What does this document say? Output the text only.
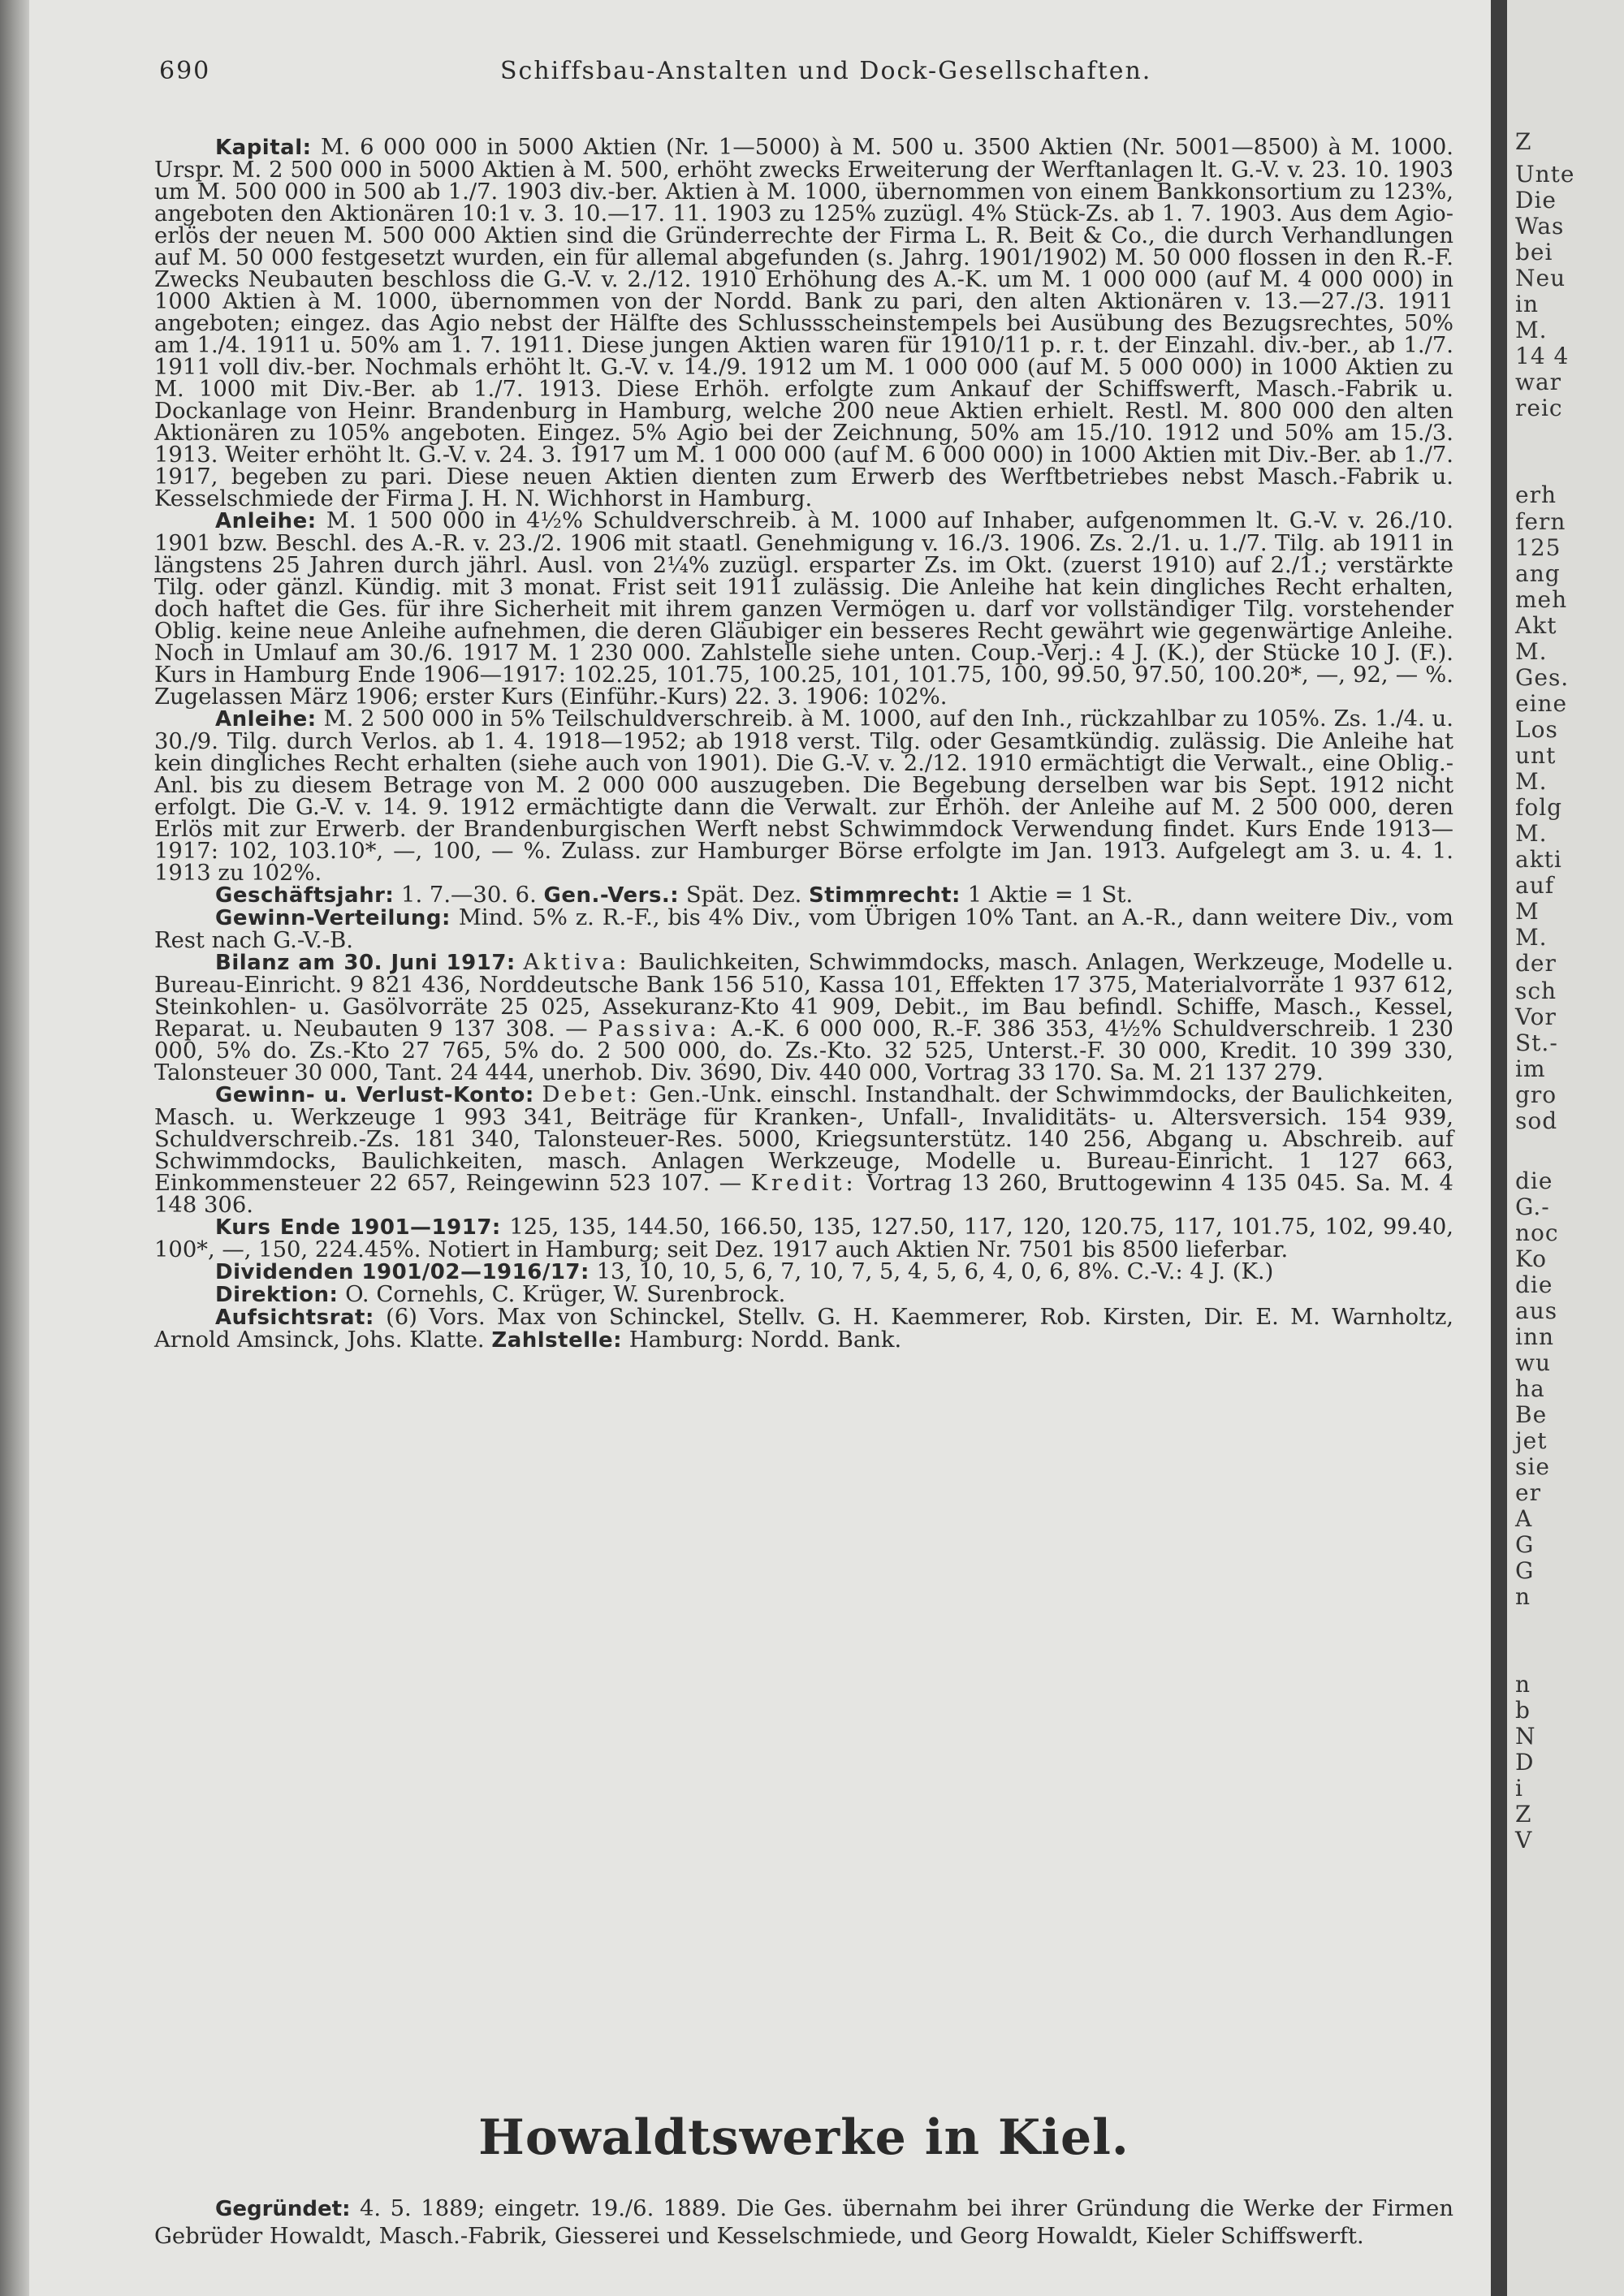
690	Schiffsbau-Anstalten und Dock-Gesellschaften.

Kapital: M. 6 000 000 in 5000 Aktien (Nr. 1—5000) à M. 500 u. 3500 Aktien (Nr. 5001—8500) à M. 1000. Urspr. M. 2 500 000 in 5000 Aktien à M. 500, erhöht zwecks Erweiterung der Werftanlagen lt. G.-V. v. 23. 10. 1903 um M. 500 000 in 500 ab 1./7. 1903 div.-ber. Aktien à M. 1000, übernommen von einem Bankkonsortium zu 123%, angeboten den Aktionären 10:1 v. 3. 10.—17. 11. 1903 zu 125% zuzügl. 4% Stück-Zs. ab 1. 7. 1903. Aus dem Agio-erlös der neuen M. 500 000 Aktien sind die Gründerrechte der Firma L. R. Beit & Co., die durch Verhandlungen auf M. 50 000 festgesetzt wurden, ein für allemal abgefunden (s. Jahrg. 1901/1902) M. 50 000 flossen in den R.-F. Zwecks Neubauten beschloss die G.-V. v. 2./12. 1910 Erhöhung des A.-K. um M. 1 000 000 (auf M. 4 000 000) in 1000 Aktien à M. 1000, übernommen von der Nordd. Bank zu pari, den alten Aktionären v. 13.—27./3. 1911 angeboten; eingez. das Agio nebst der Hälfte des Schlussscheinstempels bei Ausübung des Bezugsrechtes, 50% am 1./4. 1911 u. 50% am 1. 7. 1911. Diese jungen Aktien waren für 1910/11 p. r. t. der Einzahl. div.-ber., ab 1./7. 1911 voll div.-ber. Nochmals erhöht lt. G.-V. v. 14./9. 1912 um M. 1 000 000 (auf M. 5 000 000) in 1000 Aktien zu M. 1000 mit Div.-Ber. ab 1./7. 1913. Diese Erhöh. erfolgte zum Ankauf der Schiffswerft, Masch.-Fabrik u. Dockanlage von Heinr. Brandenburg in Hamburg, welche 200 neue Aktien erhielt. Restl. M. 800 000 den alten Aktionären zu 105% angeboten. Eingez. 5% Agio bei der Zeichnung, 50% am 15./10. 1912 und 50% am 15./3. 1913. Weiter erhöht lt. G.-V. v. 24. 3. 1917 um M. 1 000 000 (auf M. 6 000 000) in 1000 Aktien mit Div.-Ber. ab 1./7. 1917, begeben zu pari. Diese neuen Aktien dienten zum Erwerb des Werftbetriebes nebst Masch.-Fabrik u. Kesselschmiede der Firma J. H. N. Wichhorst in Hamburg.

Anleihe: M. 1 500 000 in 4½% Schuldverschreib. à M. 1000 auf Inhaber, aufgenommen lt. G.-V. v. 26./10. 1901 bzw. Beschl. des A.-R. v. 23./2. 1906 mit staatl. Genehmigung v. 16./3. 1906. Zs. 2./1. u. 1./7. Tilg. ab 1911 in längstens 25 Jahren durch jährl. Ausl. von 2¼% zuzügl. ersparter Zs. im Okt. (zuerst 1910) auf 2./1.; verstärkte Tilg. oder gänzl. Kündig. mit 3 monat. Frist seit 1911 zulässig. Die Anleihe hat kein dingliches Recht erhalten, doch haftet die Ges. für ihre Sicherheit mit ihrem ganzen Vermögen u. darf vor vollständiger Tilg. vorstehender Oblig. keine neue Anleihe aufnehmen, die deren Gläubiger ein besseres Recht gewährt wie gegenwärtige Anleihe. Noch in Umlauf am 30./6. 1917 M. 1 230 000. Zahlstelle siehe unten. Coup.-Verj.: 4 J. (K.), der Stücke 10 J. (F.). Kurs in Hamburg Ende 1906—1917: 102.25, 101.75, 100.25, 101, 101.75, 100, 99.50, 97.50, 100.20*, —, 92, — %. Zugelassen März 1906; erster Kurs (Einführ.-Kurs) 22. 3. 1906: 102%.

Anleihe: M. 2 500 000 in 5% Teilschuldverschreib. à M. 1000, auf den Inh., rückzahlbar zu 105%. Zs. 1./4. u. 30./9. Tilg. durch Verlos. ab 1. 4. 1918—1952; ab 1918 verst. Tilg. oder Gesamtkündig. zulässig. Die Anleihe hat kein dingliches Recht erhalten (siehe auch von 1901). Die G.-V. v. 2./12. 1910 ermächtigt die Verwalt., eine Oblig.-Anl. bis zu diesem Betrage von M. 2 000 000 auszugeben. Die Begebung derselben war bis Sept. 1912 nicht erfolgt. Die G.-V. v. 14. 9. 1912 ermächtigte dann die Verwalt. zur Erhöh. der Anleihe auf M. 2 500 000, deren Erlös mit zur Erwerb. der Brandenburgischen Werft nebst Schwimmdock Verwendung findet. Kurs Ende 1913—1917: 102, 103.10*, —, 100, — %. Zulass. zur Hamburger Börse erfolgte im Jan. 1913. Aufgelegt am 3. u. 4. 1. 1913 zu 102%.

Geschäftsjahr: 1. 7.—30. 6. Gen.-Vers.: Spät. Dez. Stimmrecht: 1 Aktie = 1 St.

Gewinn-Verteilung: Mind. 5% z. R.-F., bis 4% Div., vom Übrigen 10% Tant. an A.-R., dann weitere Div., vom Rest nach G.-V.-B.

Bilanz am 30. Juni 1917: Aktiva: Baulichkeiten, Schwimmdocks, masch. Anlagen, Werkzeuge, Modelle u. Bureau-Einricht. 9 821 436, Norddeutsche Bank 156 510, Kassa 101, Effekten 17 375, Materialvorräte 1 937 612, Steinkohlen- u. Gasölvorräte 25 025, Assekuranz-Kto 41 909, Debit., im Bau befindl. Schiffe, Masch., Kessel, Reparat. u. Neubauten 9 137 308. — Passiva: A.-K. 6 000 000, R.-F. 386 353, 4½% Schuldverschreib. 1 230 000, 5% do. Zs.-Kto 27 765, 5% do. 2 500 000, do. Zs.-Kto. 32 525, Unterst.-F. 30 000, Kredit. 10 399 330, Talonsteuer 30 000, Tant. 24 444, unerhob. Div. 3690, Div. 440 000, Vortrag 33 170. Sa. M. 21 137 279.

Gewinn- u. Verlust-Konto: Debet: Gen.-Unk. einschl. Instandhalt. der Schwimmdocks, der Baulichkeiten, Masch. u. Werkzeuge 1 993 341, Beiträge für Kranken-, Unfall-, Invaliditäts- u. Altersversich. 154 939, Schuldverschreib.-Zs. 181 340, Talonsteuer-Res. 5000, Kriegsunterstütz. 140 256, Abgang u. Abschreib. auf Schwimmdocks, Baulichkeiten, masch. Anlagen Werkzeuge, Modelle u. Bureau-Einricht. 1 127 663, Einkommensteuer 22 657, Reingewinn 523 107. — Kredit: Vortrag 13 260, Bruttogewinn 4 135 045. Sa. M. 4 148 306.

Kurs Ende 1901—1917: 125, 135, 144.50, 166.50, 135, 127.50, 117, 120, 120.75, 117, 101.75, 102, 99.40, 100*, —, 150, 224.45%. Notiert in Hamburg; seit Dez. 1917 auch Aktien Nr. 7501 bis 8500 lieferbar.

Dividenden 1901/02—1916/17: 13, 10, 10, 5, 6, 7, 10, 7, 5, 4, 5, 6, 4, 0, 6, 8%. C.-V.: 4 J. (K.)

Direktion: O. Cornehls, C. Krüger, W. Surenbrock.

Aufsichtsrat: (6) Vors. Max von Schinckel, Stellv. G. H. Kaemmerer, Rob. Kirsten, Dir. E. M. Warnholtz, Arnold Amsinck, Johs. Klatte. Zahlstelle: Hamburg: Nordd. Bank.

Howaldtswerke in Kiel.

Gegründet: 4. 5. 1889; eingetr. 19./6. 1889. Die Ges. übernahm bei ihrer Gründung die Werke der Firmen Gebrüder Howaldt, Masch.-Fabrik, Giesserei und Kesselschmiede, und Georg Howaldt, Kieler Schiffswerft.

Z
Unte
Die
Was
bei
Neu
in
M.
14 4
war
reic
erh
fern
125
ang
meh
Akt
M.
Ges.
eine
Los
unt
M.
folg
M.
akti
auf
M
M.
der
sch
Vor
St.-
im
gro
sod
die
G.-
noc
Ko
die
aus
inn
wu
ha
Be
jet
sie
er
A
G
G
n
n
b
N
D
i
Z
V
